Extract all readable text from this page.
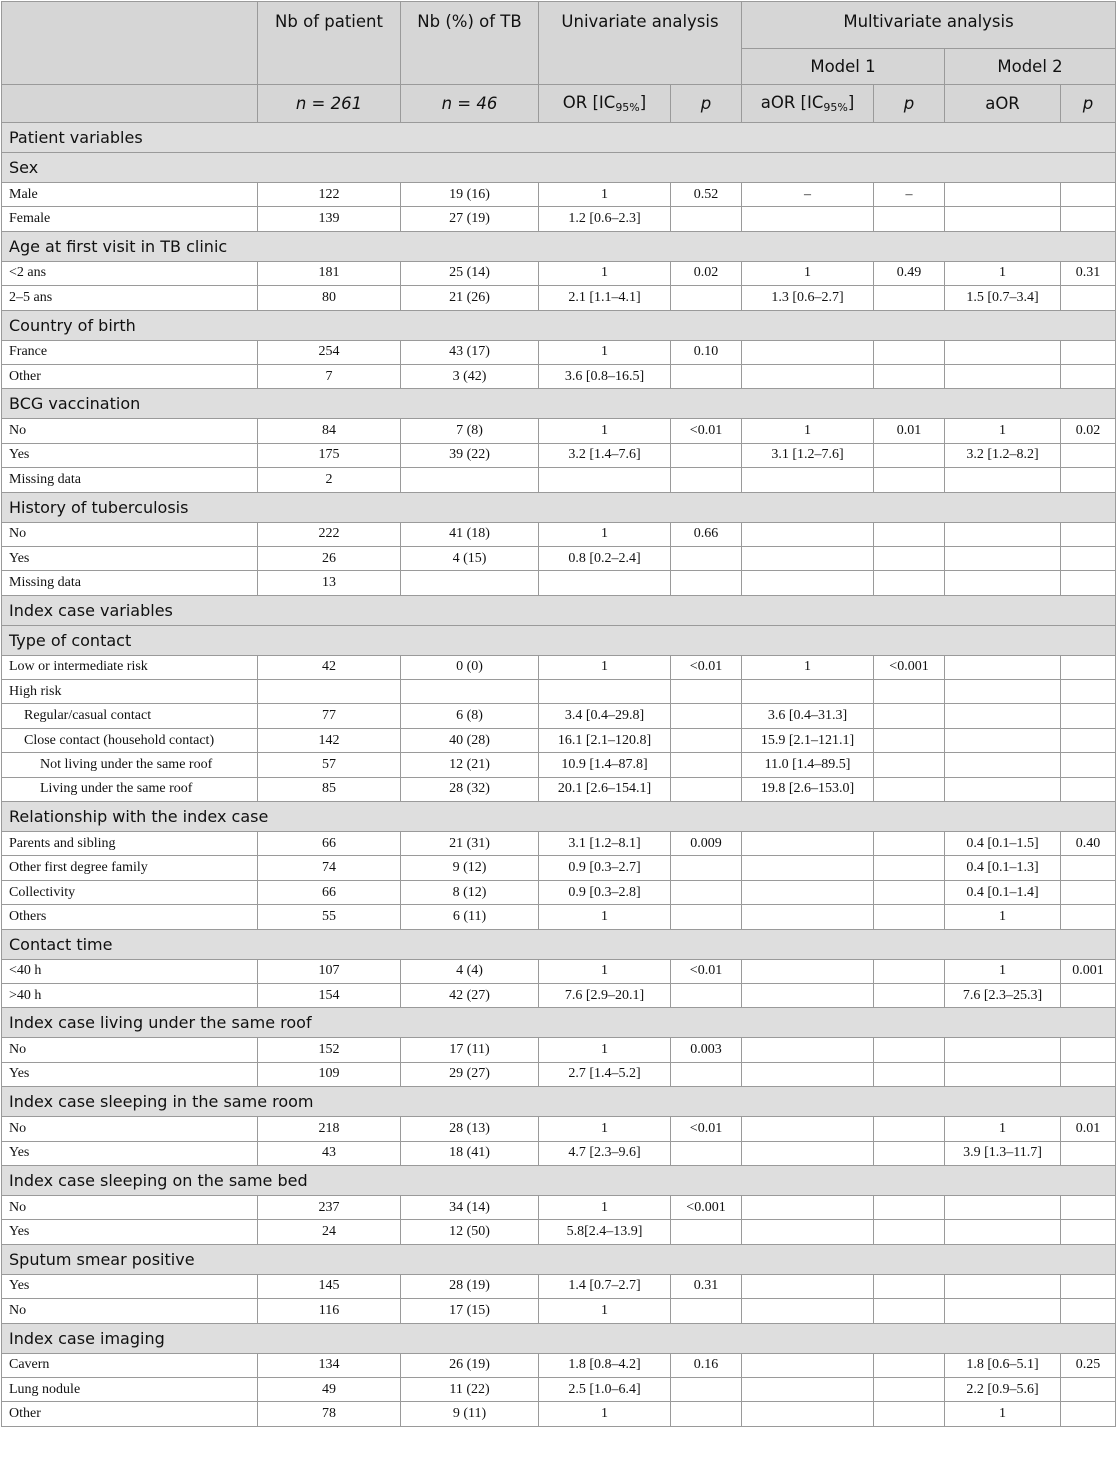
	Nb of patient	Nb (%) of TB	Univariate analysis		Multivariate analysis			
					Model 1		Model 2	
	n = 261	n = 46	OR $[IC_{95\%}]$	p	aOR $[IC_{95\%}]$	p	aOR	p
Patient variables								
Sex								
Male	122	19 (16)	1	0.52	–	–		
Female	139	27 (19)	1.2 [0.6–2.3]					
Age at first visit in TB clinic								
<2 ans	181	25 (14)	1	0.02	1	0.49	1	0.31
2–5 ans	80	21 (26)	2.1 [1.1–4.1]		1.3 [0.6–2.7]		1.5 [0.7–3.4]	
Country of birth								
France	254	43 (17)	1	0.10				
Other	7	3 (42)	3.6 [0.8–16.5]					
BCG vaccination								
No	84	7 (8)	1	<0.01	1	0.01	1	0.02
Yes	175	39 (22)	3.2 [1.4–7.6]		3.1 [1.2–7.6]		3.2 [1.2–8.2]	
Missing data	2							
History of tuberculosis								
No	222	41 (18)	1	0.66				
Yes	26	4 (15)	0.8 [0.2–2.4]					
Missing data	13							
Index case variables								
Type of contact								
Low or intermediate risk	42	0 (0)	1	<0.01	1	<0.001		
High risk								
Regular/casual contact	77	6 (8)	3.4 [0.4–29.8]		3.6 [0.4–31.3]			
Close contact (household contact)	142	40 (28)	16.1 [2.1–120.8]		15.9 [2.1–121.1]			
Not living under the same roof	57	12 (21)	10.9 [1.4–87.8]		11.0 [1.4–89.5]			
Living under the same roof	85	28 (32)	20.1 [2.6–154.1]		19.8 [2.6–153.0]			
Relationship with the index case								
Parents and sibling	66	21 (31)	3.1 [1.2–8.1]	0.009			0.4 [0.1–1.5]	0.40
Other first degree family	74	9 (12)	0.9 [0.3–2.7]				0.4 [0.1–1.3]	
Collectivity	66	8 (12)	0.9 [0.3–2.8]				0.4 [0.1–1.4]	
Others	55	6 (11)	1				1	
Contact time								
<40 h	107	4 (4)	1	<0.01			1	0.001
>40 h	154	42 (27)	7.6 [2.9–20.1]				7.6 [2.3–25.3]	
Index case living under the same roof								
No	152	17 (11)	1	0.003				
Yes	109	29 (27)	2.7 [1.4–5.2]					
Index case sleeping in the same room								
No	218	28 (13)	1	<0.01			1	0.01
Yes	43	18 (41)	4.7 [2.3–9.6]				3.9 [1.3–11.7]	
Index case sleeping on the same bed								
No	237	34 (14)	1	<0.001				
Yes	24	12 (50)	5.8[2.4–13.9]					
Sputum smear positive								
Yes	145	28 (19)	1.4 [0.7–2.7]	0.31				
No	116	17 (15)	1					
Index case imaging								
Cavern	134	26 (19)	1.8 [0.8–4.2]	0.16			1.8 [0.6–5.1]	0.25
Lung nodule	49	11 (22)	2.5 [1.0–6.4]				2.2 [0.9–5.6]	
Other	78	9 (11)	1				1	
